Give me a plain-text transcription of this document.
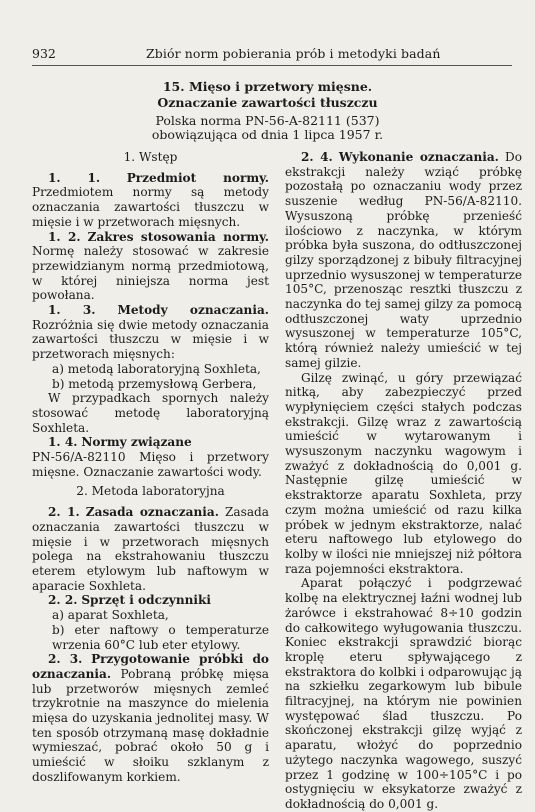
932	Zbiór norm pobierania prób i metodyki badań
15. Mięso i przetwory mięsne.
Oznaczanie zawartości tłuszczu
Polska norma PN-56-A-82111 (537)
obowiązująca od dnia 1 lipca 1957 r.

1. Wstęp

1. 1. Przedmiot normy. Przedmiotem normy są metody oznaczania zawartości tłuszczu w mięsie i w przetworach mięsnych.

1. 2. Zakres stosowania normy. Normę należy stosować w zakresie przewidzianym normą przedmiotową, w której niniejsza norma jest powołana.

1. 3. Metody oznaczania. Rozróżnia się dwie metody oznaczania zawartości tłuszczu w mięsie i w przetworach mięsnych:

a) metodą laboratoryjną Soxhleta,

b) metodą przemysłową Gerbera,

W przypadkach spornych należy stosować metodę laboratoryjną Soxhleta.

1. 4. Normy związane

PN-56/A-82110 Mięso i przetwory mięsne. Oznaczanie zawartości wody.

2. Metoda laboratoryjna

2. 1. Zasada oznaczania. Zasada oznaczania zawartości tłuszczu w mięsie i w przetworach mięsnych polega na ekstrahowaniu tłuszczu eterem etylowym lub naftowym w aparacie Soxhleta.

2. 2. Sprzęt i odczynniki

a) aparat Soxhleta,

b) eter naftowy o temperaturze wrzenia 60°C lub eter etylowy.

2. 3. Przygotowanie próbki do oznaczania. Pobraną próbkę mięsa lub przetworów mięsnych zemleć trzykrotnie na maszynce do mielenia mięsa do uzyskania jednolitej masy. W ten sposób otrzymaną masę dokładnie wymieszać, pobrać około 50 g i umieścić w słoiku szklanym z doszlifowanym korkiem.

2. 4. Wykonanie oznaczania. Do ekstrakcji należy wziąć próbkę pozostałą po oznaczaniu wody przez suszenie według PN-56/A-82110. Wysuszoną próbkę przenieść ilościowo z naczynka, w którym próbka była suszona, do odtłuszczonej gilzy sporządzonej z bibuły filtracyjnej uprzednio wysuszonej w temperaturze 105°C, przenosząc resztki tłuszczu z naczynka do tej samej gilzy za pomocą odtłuszczonej waty uprzednio wysuszonej w temperaturze 105°C, którą również należy umieścić w tej samej gilzie.

Gilzę zwinąć, u góry przewiązać nitką, aby zabezpieczyć przed wypłynięciem części stałych podczas ekstrakcji. Gilzę wraz z zawartością umieścić w wytarowanym i wysuszonym naczynku wagowym i zważyć z dokładnością do 0,001 g. Następnie gilzę umieścić w ekstraktorze aparatu Soxhleta, przy czym można umieścić od razu kilka próbek w jednym ekstraktorze, nalać eteru naftowego lub etylowego do kolby w ilości nie mniejszej niż półtora raza pojemności ekstraktora.

Aparat połączyć i podgrzewać kolbę na elektrycznej łaźni wodnej lub żarówce i ekstrahować 8÷10 godzin do całkowitego wyługowania tłuszczu. Koniec ekstrakcji sprawdzić biorąc kroplę eteru spływającego z ekstraktora do kolbki i odparowując ją na szkiełku zegarkowym lub bibule filtracyjnej, na którym nie powinien występować ślad tłuszczu. Po skończonej ekstrakcji gilzę wyjąć z aparatu, włożyć do poprzednio użytego naczynka wagowego, suszyć przez 1 godzinę w 100÷105°C i po ostygnięciu w eksykatorze zważyć z dokładnością do 0,001 g.
